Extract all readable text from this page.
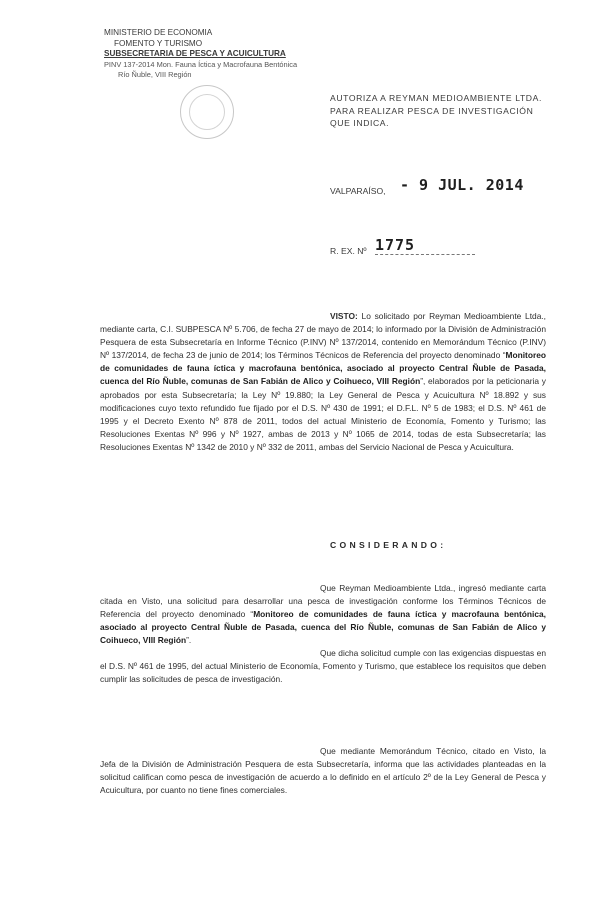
MINISTERIO DE ECONOMIA
FOMENTO Y TURISMO
SUBSECRETARIA DE PESCA Y ACUICULTURA
PINV 137-2014 Mon. Fauna Íctica y Macrofauna Bentónica
Río Ñuble, VIII Región
AUTORIZA A REYMAN MEDIOAMBIENTE LTDA. PARA REALIZAR PESCA DE INVESTIGACIÓN QUE INDICA.
VALPARAÍSO, - 9 JUL. 2014
R. EX. Nº 1775
VISTO: Lo solicitado por Reyman Medioambiente Ltda., mediante carta, C.I. SUBPESCA Nº 5.706, de fecha 27 de mayo de 2014; lo informado por la División de Administración Pesquera de esta Subsecretaría en Informe Técnico (P.INV) Nº 137/2014, contenido en Memorándum Técnico (P.INV) Nº 137/2014, de fecha 23 de junio de 2014; los Términos Técnicos de Referencia del proyecto denominado “Monitoreo de comunidades de fauna íctica y macrofauna bentónica, asociado al proyecto Central Ñuble de Pasada, cuenca del Río Ñuble, comunas de San Fabián de Alico y Coihueco, VIII Región”, elaborados por la peticionaria y aprobados por esta Subsecretaría; la Ley Nº 19.880; la Ley General de Pesca y Acuicultura Nº 18.892 y sus modificaciones cuyo texto refundido fue fijado por el D.S. Nº 430 de 1991; el D.F.L. Nº 5 de 1983; el D.S. Nº 461 de 1995 y el Decreto Exento Nº 878 de 2011, todos del actual Ministerio de Economía, Fomento y Turismo; las Resoluciones Exentas Nº 996 y Nº 1927, ambas de 2013 y Nº 1065 de 2014, todas de esta Subsecretaría; las Resoluciones Exentas Nº 1342 de 2010 y Nº 332 de 2011, ambas del Servicio Nacional de Pesca y Acuicultura.
CONSIDERANDO:
Que Reyman Medioambiente Ltda., ingresó mediante carta citada en Visto, una solicitud para desarrollar una pesca de investigación conforme los Términos Técnicos de Referencia del proyecto denominado “Monitoreo de comunidades de fauna íctica y macrofauna bentónica, asociado al proyecto Central Ñuble de Pasada, cuenca del Río Ñuble, comunas de San Fabián de Alico y Coihueco, VIII Región”.
Que dicha solicitud cumple con las exigencias dispuestas en el D.S. Nº 461 de 1995, del actual Ministerio de Economía, Fomento y Turismo, que establece los requisitos que deben cumplir las solicitudes de pesca de investigación.
Que mediante Memorándum Técnico, citado en Visto, la Jefa de la División de Administración Pesquera de esta Subsecretaría, informa que las actividades planteadas en la solicitud califican como pesca de investigación de acuerdo a lo definido en el artículo 2º de la Ley General de Pesca y Acuicultura, por cuanto no tiene fines comerciales.
